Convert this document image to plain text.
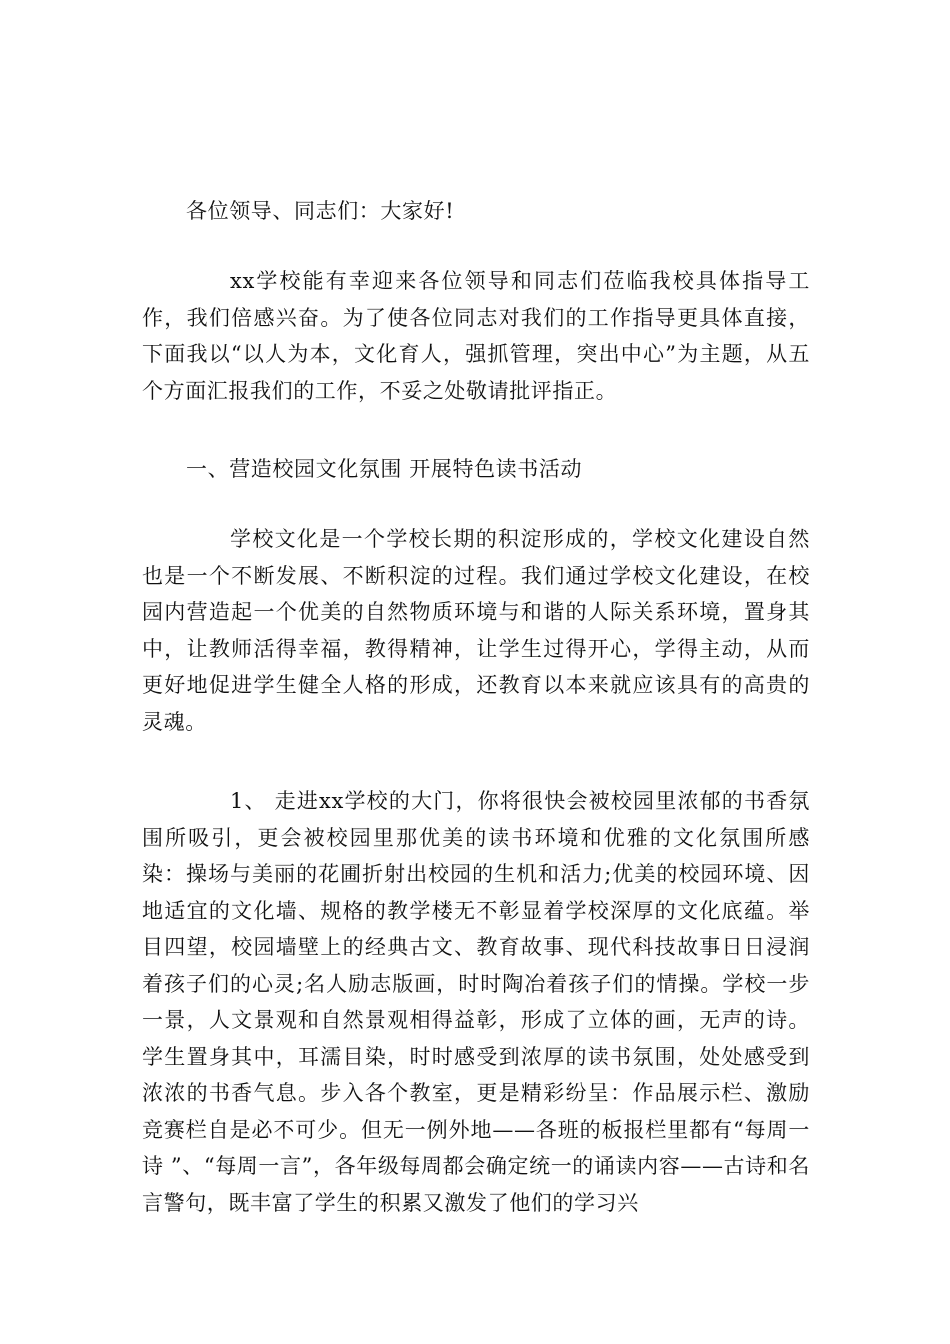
各位领导、同志们：大家好!

xx学校能有幸迎来各位领导和同志们莅临我校具体指导工作，我们倍感兴奋。为了使各位同志对我们的工作指导更具体直接，下面我以“以人为本，文化育人，强抓管理，突出中心”为主题，从五个方面汇报我们的工作，不妥之处敬请批评指正。

一、营造校园文化氛围 开展特色读书活动

学校文化是一个学校长期的积淀形成的，学校文化建设自然也是一个不断发展、不断积淀的过程。我们通过学校文化建设，在校园内营造起一个优美的自然物质环境与和谐的人际关系环境，置身其中，让教师活得幸福，教得精神，让学生过得开心，学得主动，从而更好地促进学生健全人格的形成，还教育以本来就应该具有的高贵的灵魂。

1、 走进xx学校的大门，你将很快会被校园里浓郁的书香氛围所吸引，更会被校园里那优美的读书环境和优雅的文化氛围所感染：操场与美丽的花圃折射出校园的生机和活力;优美的校园环境、因地适宜的文化墙、规格的教学楼无不彰显着学校深厚的文化底蕴。举目四望，校园墙壁上的经典古文、教育故事、现代科技故事日日浸润着孩子们的心灵;名人励志版画，时时陶冶着孩子们的情操。学校一步一景，人文景观和自然景观相得益彰，形成了立体的画，无声的诗。学生置身其中，耳濡目染，时时感受到浓厚的读书氛围，处处感受到浓浓的书香气息。步入各个教室，更是精彩纷呈：作品展示栏、激励竞赛栏自是必不可少。但无一例外地——各班的板报栏里都有“每周一诗 ”、“每周一言”，各年级每周都会确定统一的诵读内容——古诗和名言警句，既丰富了学生的积累又激发了他们的学习兴
